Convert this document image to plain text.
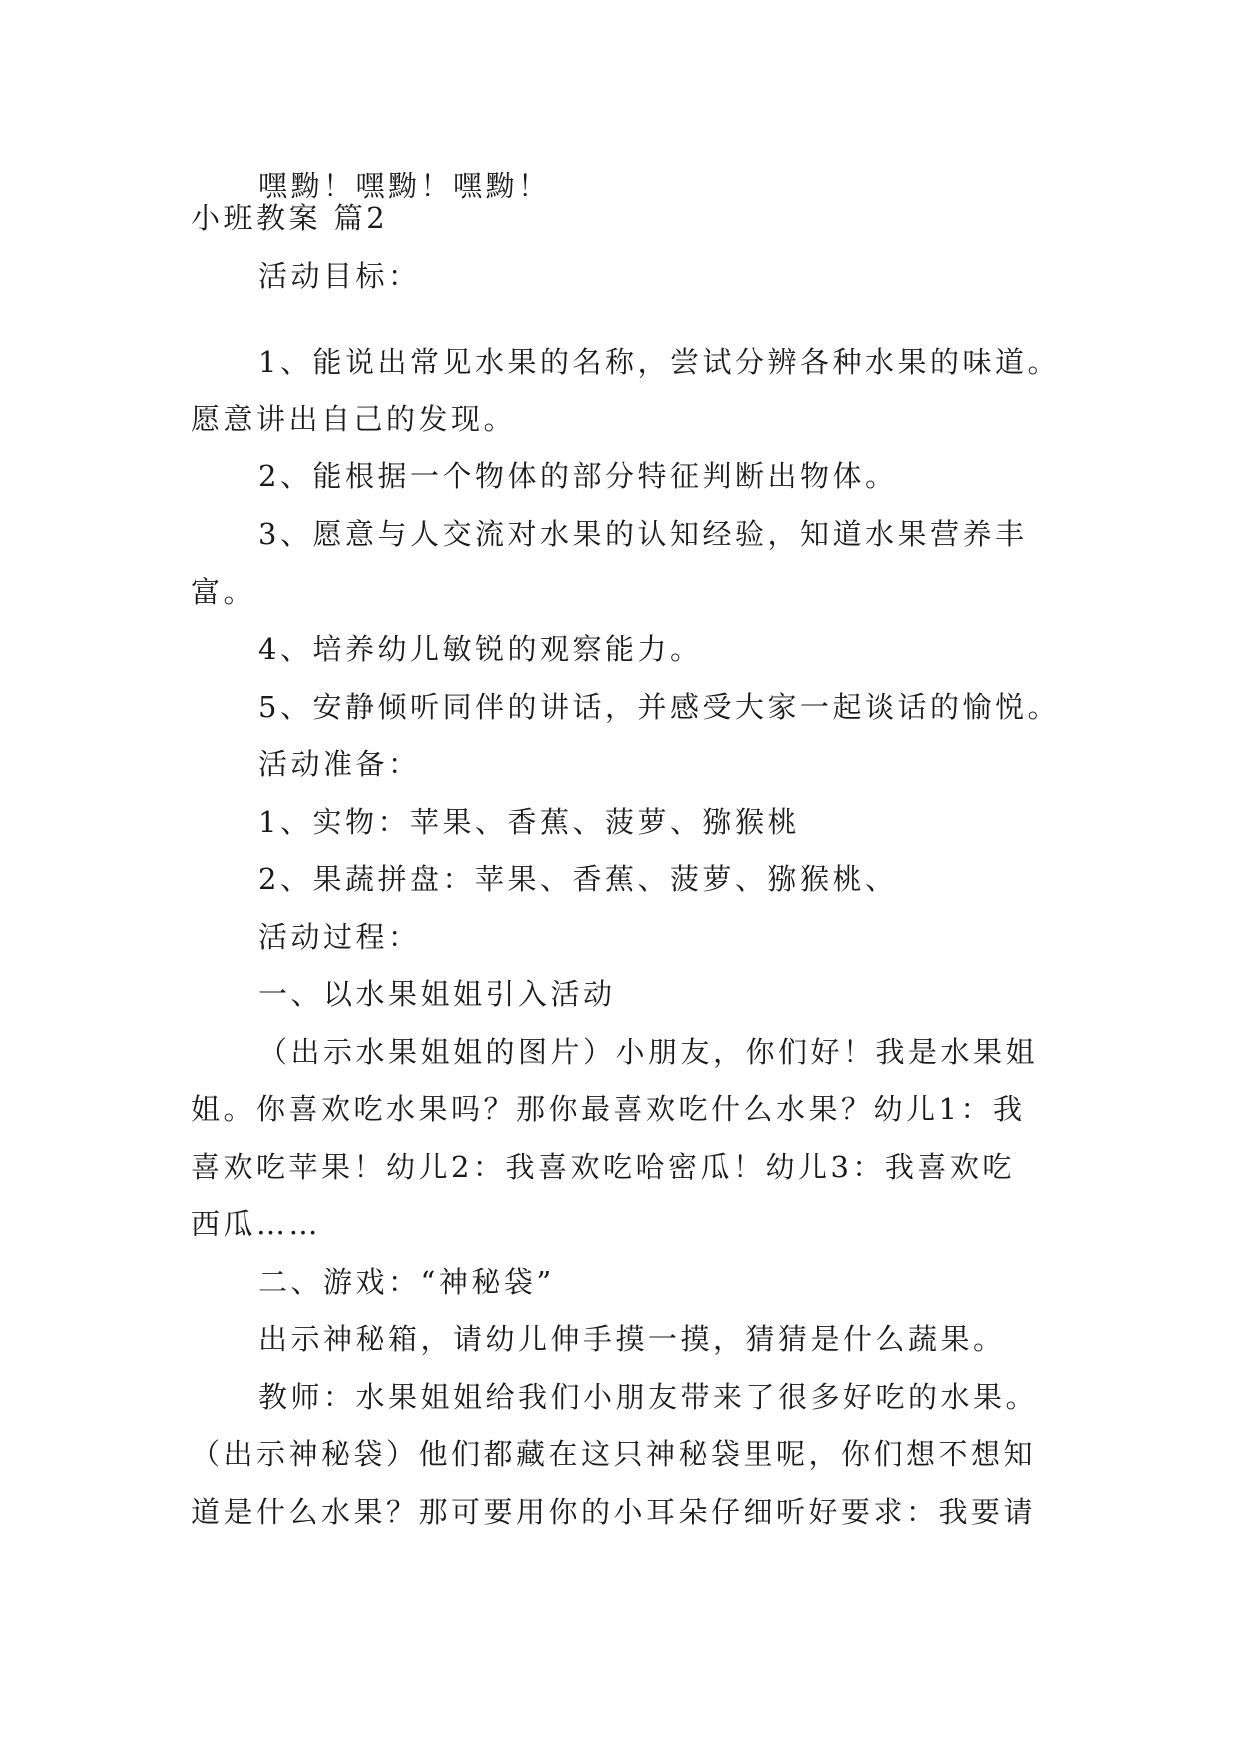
嘿黝！嘿黝！嘿黝！
小班教案 篇2
活动目标：
1、能说出常见水果的名称，尝试分辨各种水果的味道。
愿意讲出自己的发现。
2、能根据一个物体的部分特征判断出物体。
3、愿意与人交流对水果的认知经验，知道水果营养丰
富。
4、培养幼儿敏锐的观察能力。
5、安静倾听同伴的讲话，并感受大家一起谈话的愉悦。
活动准备：
1、实物：苹果、香蕉、菠萝、猕猴桃
2、果蔬拼盘：苹果、香蕉、菠萝、猕猴桃、
活动过程：
一、以水果姐姐引入活动
（出示水果姐姐的图片）小朋友，你们好！我是水果姐
姐。你喜欢吃水果吗？那你最喜欢吃什么水果？幼儿1：我
喜欢吃苹果！幼儿2：我喜欢吃哈密瓜！幼儿3：我喜欢吃
西瓜……
二、游戏：“神秘袋”
出示神秘箱，请幼儿伸手摸一摸，猜猜是什么蔬果。
教师：水果姐姐给我们小朋友带来了很多好吃的水果。
（出示神秘袋）他们都藏在这只神秘袋里呢，你们想不想知
道是什么水果？那可要用你的小耳朵仔细听好要求：我要请
